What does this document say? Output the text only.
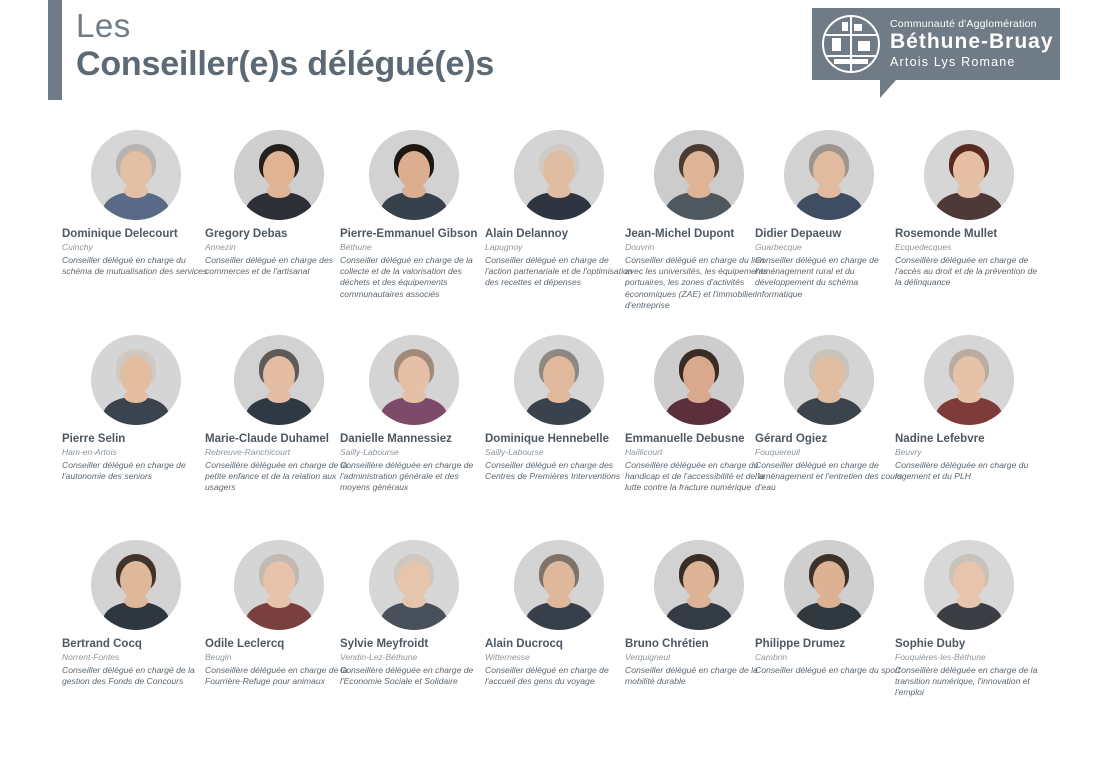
Les
Conseiller(e)s délégué(e)s
Communauté d'Agglomération
Béthune-Bruay
Artois Lys Romane
Dominique Delecourt
Cuinchy
Conseiller délégué en charge du schéma de mutualisation des services
Gregory Debas
Annezin
Conseiller délégué en charge des commerces et de l'artisanat
Pierre-Emmanuel Gibson
Béthune
Conseiller délégué en charge de la collecte et de la valorisation des déchets et des équipements communautaires associés
Alain Delannoy
Lapugnoy
Conseiller délégué en charge de l'action partenariale et de l'optimisation des recettes et dépenses
Jean-Michel Dupont
Douvrin
Conseiller délégué en charge du lien avec les universités, les équipements portuaires, les zones d'activités économiques (ZAE) et l'immobilier d'entreprise
Didier Depaeuw
Guarbecque
Conseiller délégué en charge de l'aménagement rural et du développement du schéma informatique
Rosemonde Mullet
Ecquedecques
Conseillère déléguée en charge de l'accès au droit et de la prévention de la délinquance
Pierre Selin
Ham-en-Artois
Conseiller délégué en charge de l'autonomie des seniors
Marie-Claude Duhamel
Rebreuve-Ranchicourt
Conseillère déléguée en charge de la petite enfance et de la relation aux usagers
Danielle Mannessiez
Sailly-Labourse
Conseillère déléguée en charge de l'administration générale et des moyens généraux
Dominique Hennebelle
Sailly-Labourse
Conseiller délégué en charge des Centres de Premières Interventions
Emmanuelle Debusne
Haillicourt
Conseillère déléguée en charge du handicap et de l'accessibilité et de la lutte contre la fracture numérique
Gérard Ogiez
Fouquereuil
Conseiller délégué en charge de l'aménagement et l'entretien des cours d'eau
Nadine Lefebvre
Beuvry
Conseillère déléguée en charge du logement et du PLH
Bertrand Cocq
Norrent-Fontes
Conseiller délégué en chargé de la gestion des Fonds de Concours
Odile Leclercq
Beugin
Conseillère déléguée en charge de la Fourrière-Refuge pour animaux
Sylvie Meyfroidt
Vendin-Lez-Béthune
Conseillère déléguée en charge de l'Economie Sociale et Solidaire
Alain Ducrocq
Witternesse
Conseiller délégué en charge de l'accueil des gens du voyage
Bruno Chrétien
Verquigneul
Conseiller délégué en charge de la mobilité durable
Philippe Drumez
Cambrin
Conseiller délégué en charge du sport
Sophie Duby
Fouquières-les-Béthune
Conseillère déléguée en charge de la transition numérique, l'innovation et l'emploi
